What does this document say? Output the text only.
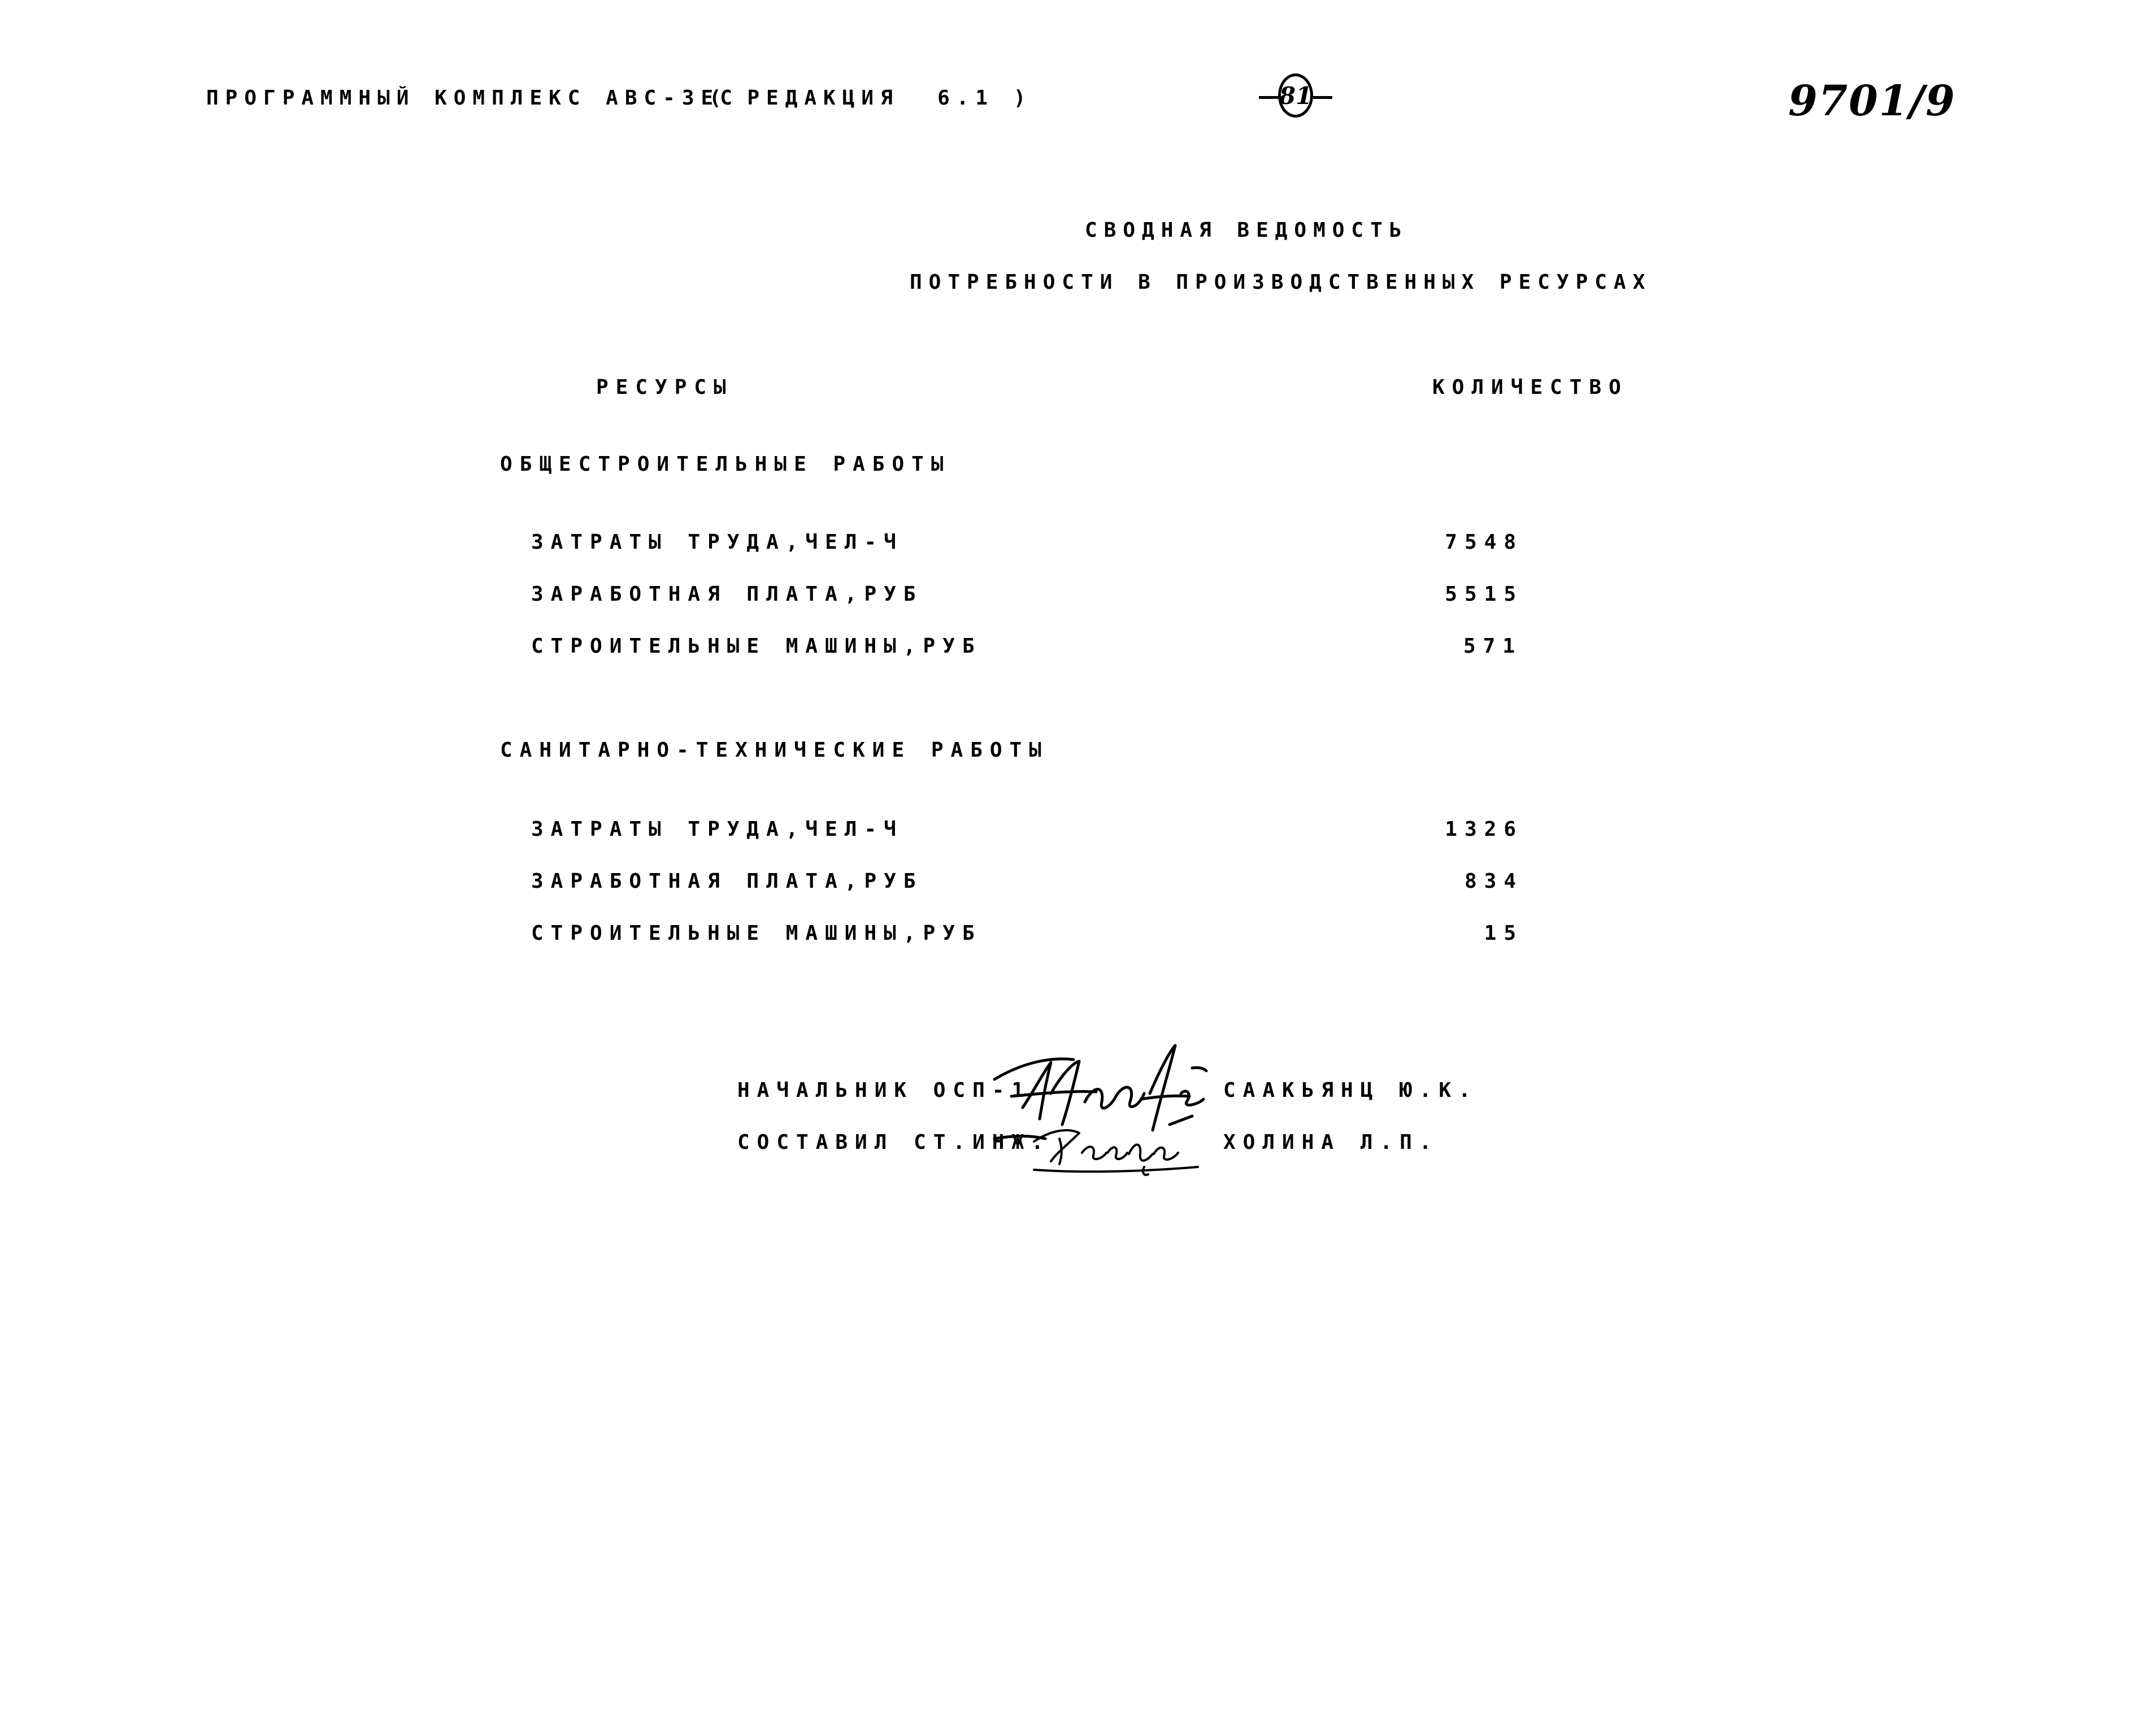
ПРОГРАММНЫЙ КОМПЛЕКС АВС-ЗЕС
( РЕДАКЦИЯ  6.1 )	81	9701/9
СВОДНАЯ ВЕДОМОСТЬ
ПОТРЕБНОСТИ В ПРОИЗВОДСТВЕННЫХ РЕСУРСАХ
РЕСУРСЫ	КОЛИЧЕСТВО
ОБЩЕСТРОИТЕЛЬНЫЕ РАБОТЫ
ЗАТРАТЫ ТРУДА,ЧЕЛ-Ч	7548
ЗАРАБОТНАЯ ПЛАТА,РУБ	5515
СТРОИТЕЛЬНЫЕ МАШИНЫ,РУБ	571
САНИТАРНО-ТЕХНИЧЕСКИЕ РАБОТЫ
ЗАТРАТЫ ТРУДА,ЧЕЛ-Ч	1326
ЗАРАБОТНАЯ ПЛАТА,РУБ	834
СТРОИТЕЛЬНЫЕ МАШИНЫ,РУБ	15
НАЧАЛЬНИК ОСП-1	СААКЬЯНЦ Ю.К.
СОСТАВИЛ СТ.ИНЖ.	ХОЛИНА Л.П.
